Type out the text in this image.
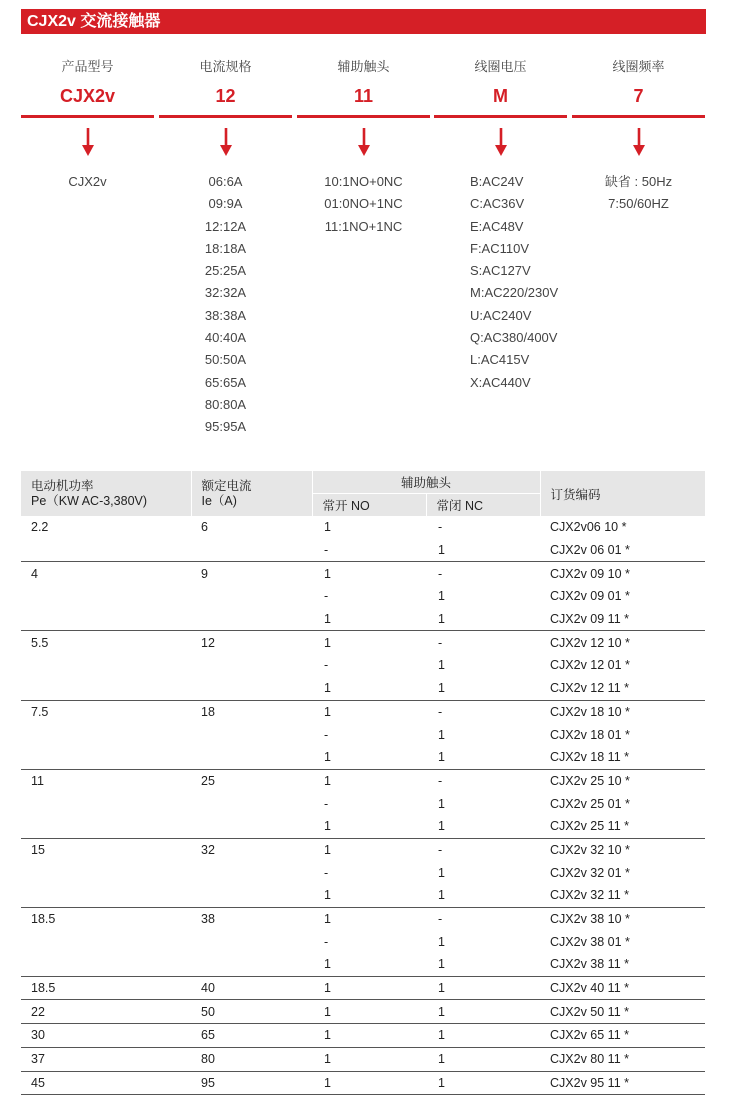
CJX2v 交流接触器
产品型号
CJX2v
CJX2v
电流规格
12
06:6A
09:9A
12:12A
18:18A
25:25A
32:32A
38:38A
40:40A
50:50A
65:65A
80:80A
95:95A
辅助触头
11
10:1NO+0NC
01:0NO+1NC
11:1NO+1NC
线圈电压
M
B:AC24V
C:AC36V
E:AC48V
F:AC110V
S:AC127V
M:AC220/230V
U:AC240V
Q:AC380/400V
L:AC415V
X:AC440V
线圈频率
7
缺省 : 50Hz
7:50/60HZ
电动机功率
Pe（KW AC-3,380V)	额定电流
Ie（A)	辅助触头		订货编码
		常开 NO	常闭 NC	
2.2	6	1	-	CJX2v06 10 *
		-	1	CJX2v 06 01 *
4	9	1	-	CJX2v 09 10 *
		-	1	CJX2v 09 01 *
		1	1	CJX2v 09 11 *
5.5	12	1	-	CJX2v 12 10 *
		-	1	CJX2v 12 01 *
		1	1	CJX2v 12 11 *
7.5	18	1	-	CJX2v 18 10 *
		-	1	CJX2v 18 01 *
		1	1	CJX2v 18 11 *
11	25	1	-	CJX2v 25 10 *
		-	1	CJX2v 25 01 *
		1	1	CJX2v 25 11 *
15	32	1	-	CJX2v 32 10 *
		-	1	CJX2v 32 01 *
		1	1	CJX2v 32 11 *
18.5	38	1	-	CJX2v 38 10 *
		-	1	CJX2v 38 01 *
		1	1	CJX2v 38 11 *
18.5	40	1	1	CJX2v 40 11 *
22	50	1	1	CJX2v 50 11 *
30	65	1	1	CJX2v 65 11 *
37	80	1	1	CJX2v 80 11 *
45	95	1	1	CJX2v 95 11 *
